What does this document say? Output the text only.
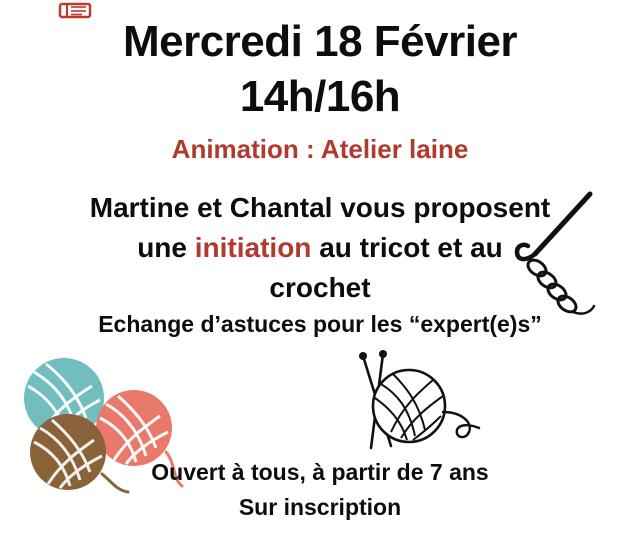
Mercredi 18 Février
14h/16h
Animation : Atelier laine
Martine et Chantal vous proposent
une initiation au tricot et au
crochet
Echange d’astuces pour les “expert(e)s”
Ouvert à tous, à partir de 7 ans
Sur inscription
